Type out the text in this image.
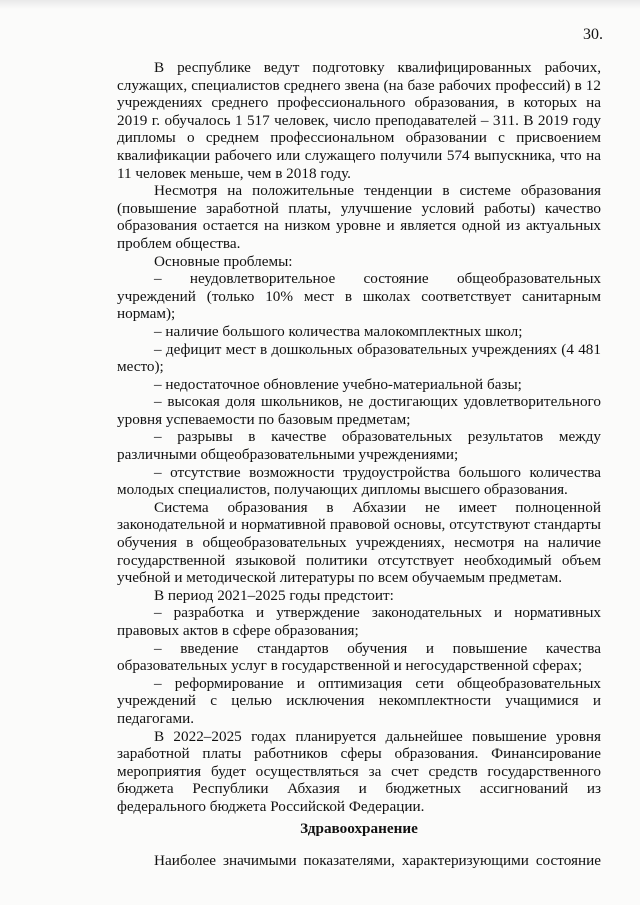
30.

В республике ведут подготовку квалифицированных рабочих, служащих, специалистов среднего звена (на базе рабочих профессий) в 12 учреждениях среднего профессионального образования, в которых на 2019 г. обучалось 1 517 человек, число преподавателей – 311. В 2019 году дипломы о среднем профессиональном образовании с присвоением квалификации рабочего или служащего получили 574 выпускника, что на 11 человек меньше, чем в 2018 году.

Несмотря на положительные тенденции в системе образования (повышение заработной платы, улучшение условий работы) качество образования остается на низком уровне и является одной из актуальных проблем общества.

Основные проблемы:

– неудовлетворительное состояние общеобразовательных учреждений (только 10% мест в школах соответствует санитарным нормам);

– наличие большого количества малокомплектных школ;

– дефицит мест в дошкольных образовательных учреждениях (4 481 место);

– недостаточное обновление учебно-материальной базы;

– высокая доля школьников, не достигающих удовлетворительного уровня успеваемости по базовым предметам;

– разрывы в качестве образовательных результатов между различными общеобразовательными учреждениями;

– отсутствие возможности трудоустройства большого количества молодых специалистов, получающих дипломы высшего образования.

Система образования в Абхазии не имеет полноценной законодательной и нормативной правовой основы, отсутствуют стандарты обучения в общеобразовательных учреждениях, несмотря на наличие государственной языковой политики отсутствует необходимый объем учебной и методической литературы по всем обучаемым предметам.

В период 2021–2025 годы предстоит:

– разработка и утверждение законодательных и нормативных правовых актов в сфере образования;

– введение стандартов обучения и повышение качества образовательных услуг в государственной и негосударственной сферах;

– реформирование и оптимизация сети общеобразовательных учреждений с целью исключения некомплектности учащимися и педагогами.

В 2022–2025 годах планируется дальнейшее повышение уровня заработной платы работников сферы образования. Финансирование мероприятия будет осуществляться за счет средств государственного бюджета Республики Абхазия и бюджетных ассигнований из федерального бюджета Российской Федерации.

Здравоохранение
Наиболее значимыми показателями, характеризующими состояние
